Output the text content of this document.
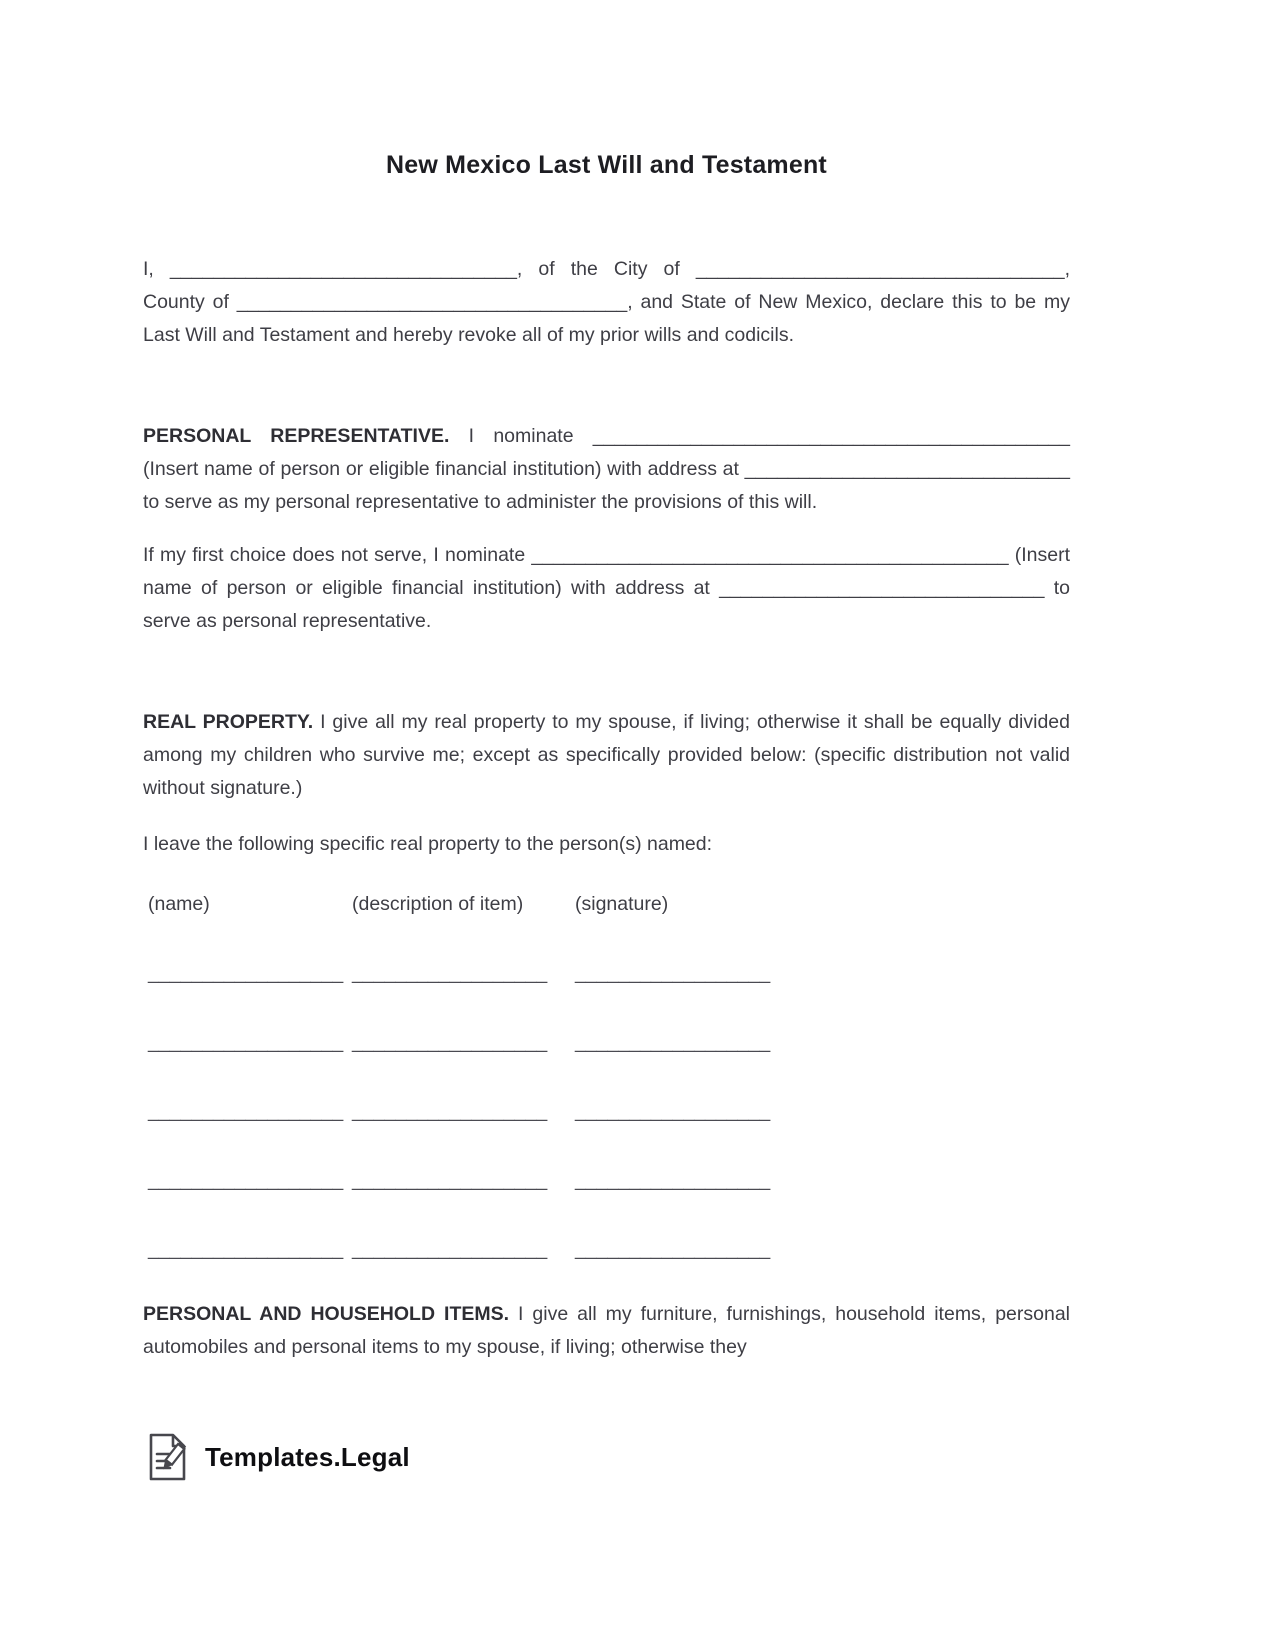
New Mexico Last Will and Testament

I, ________________________________, of the City of __________________________________, County of ____________________________________, and State of New Mexico, declare this to be my Last Will and Testament and hereby revoke all of my prior wills and codicils.

PERSONAL REPRESENTATIVE. I nominate ____________________________________________ (Insert name of person or eligible financial institution) with address at ______________________________ to serve as my personal representative to administer the provisions of this will.

If my first choice does not serve, I nominate ____________________________________________ (Insert name of person or eligible financial institution) with address at ______________________________ to serve as personal representative.

REAL PROPERTY. I give all my real property to my spouse, if living; otherwise it shall be equally divided among my children who survive me; except as specifically provided below: (specific distribution not valid without signature.)

I leave the following specific real property to the person(s) named:

(name)	(description of item)	(signature)
__________________ __________________	__________________
__________________ __________________	__________________
__________________ __________________	__________________
__________________ __________________	__________________
__________________ __________________	__________________

PERSONAL AND HOUSEHOLD ITEMS. I give all my furniture, furnishings, household items, personal automobiles and personal items to my spouse, if living; otherwise they

Templates.Legal
